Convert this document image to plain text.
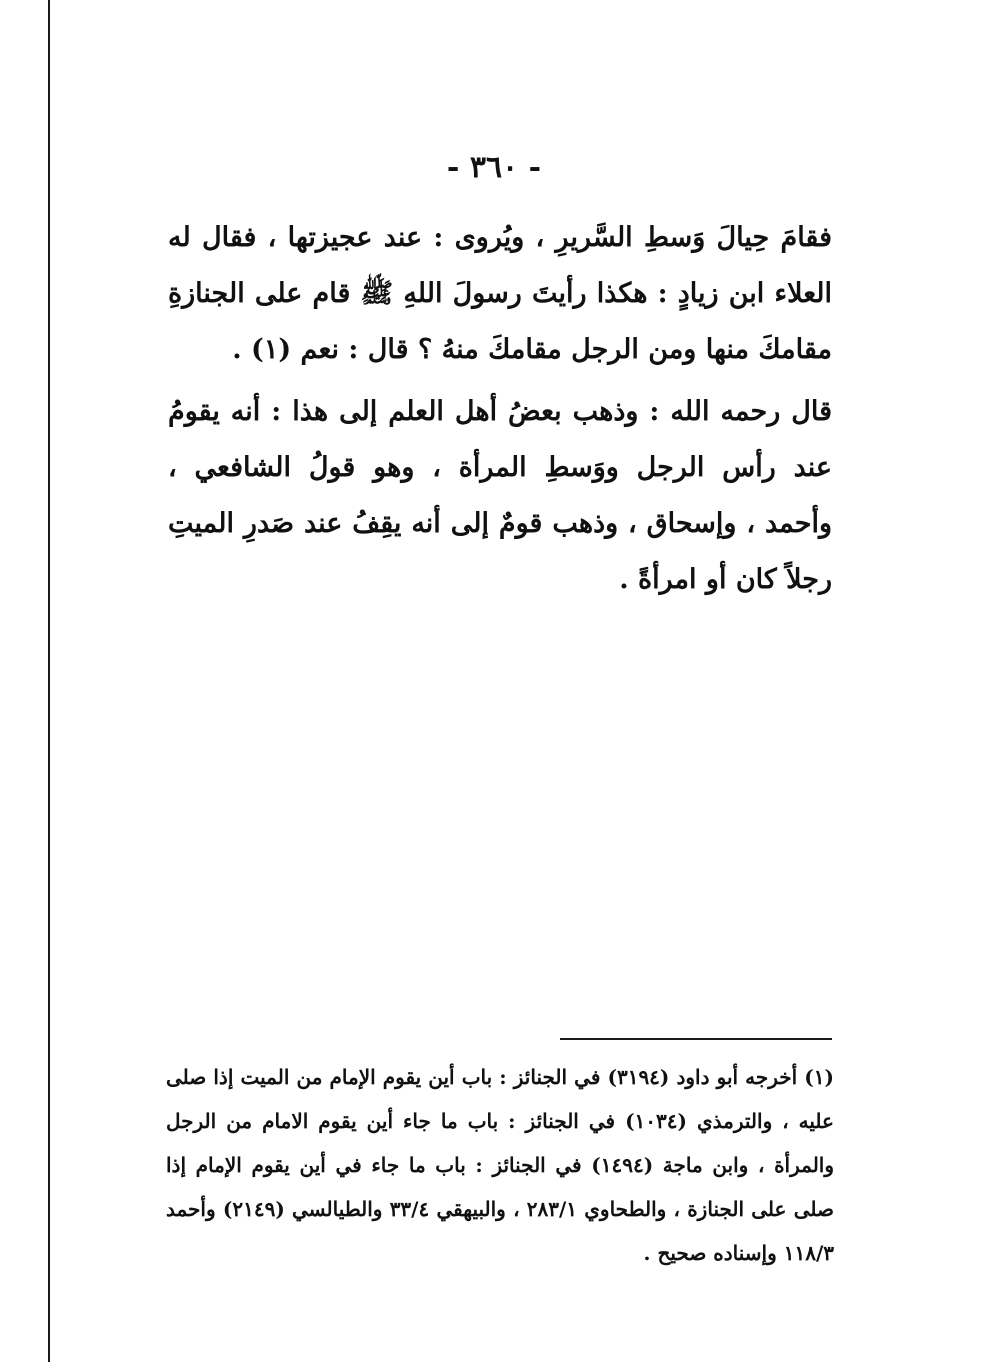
- ٣٦٠ -

فقامَ حِيالَ وَسطِ السَّريرِ ، ويُروى : عند عجيزتها ، فقال له العلاء ابن زيادٍ : هكذا رأيتَ رسولَ اللهِ ﷺ قام على الجنازةِ مقامكَ منها ومن الرجل مقامكَ منهُ ؟ قال : نعم (١) .

قال رحمه الله : وذهب بعضُ أهل العلم إلى هذا : أنه يقومُ عند رأس الرجل ووَسطِ المرأة ، وهو قولُ الشافعي ، وأحمد ، وإسحاق ، وذهب قومٌ إلى أنه يقِفُ عند صَدرِ الميتِ رجلاً كان أو امرأةً .

(١) أخرجه أبو داود (٣١٩٤) في الجنائز : باب أين يقوم الإمام من الميت إذا صلى عليه ، والترمذي (١٠٣٤) في الجنائز : باب ما جاء أين يقوم الامام من الرجل والمرأة ، وابن ماجة (١٤٩٤) في الجنائز : باب ما جاء في أين يقوم الإمام إذا صلى على الجنازة ، والطحاوي ٢٨٣/١ ، والبيهقي ٣٣/٤ والطيالسي (٢١٤٩) وأحمد ١١٨/٣ وإسناده صحيح .
